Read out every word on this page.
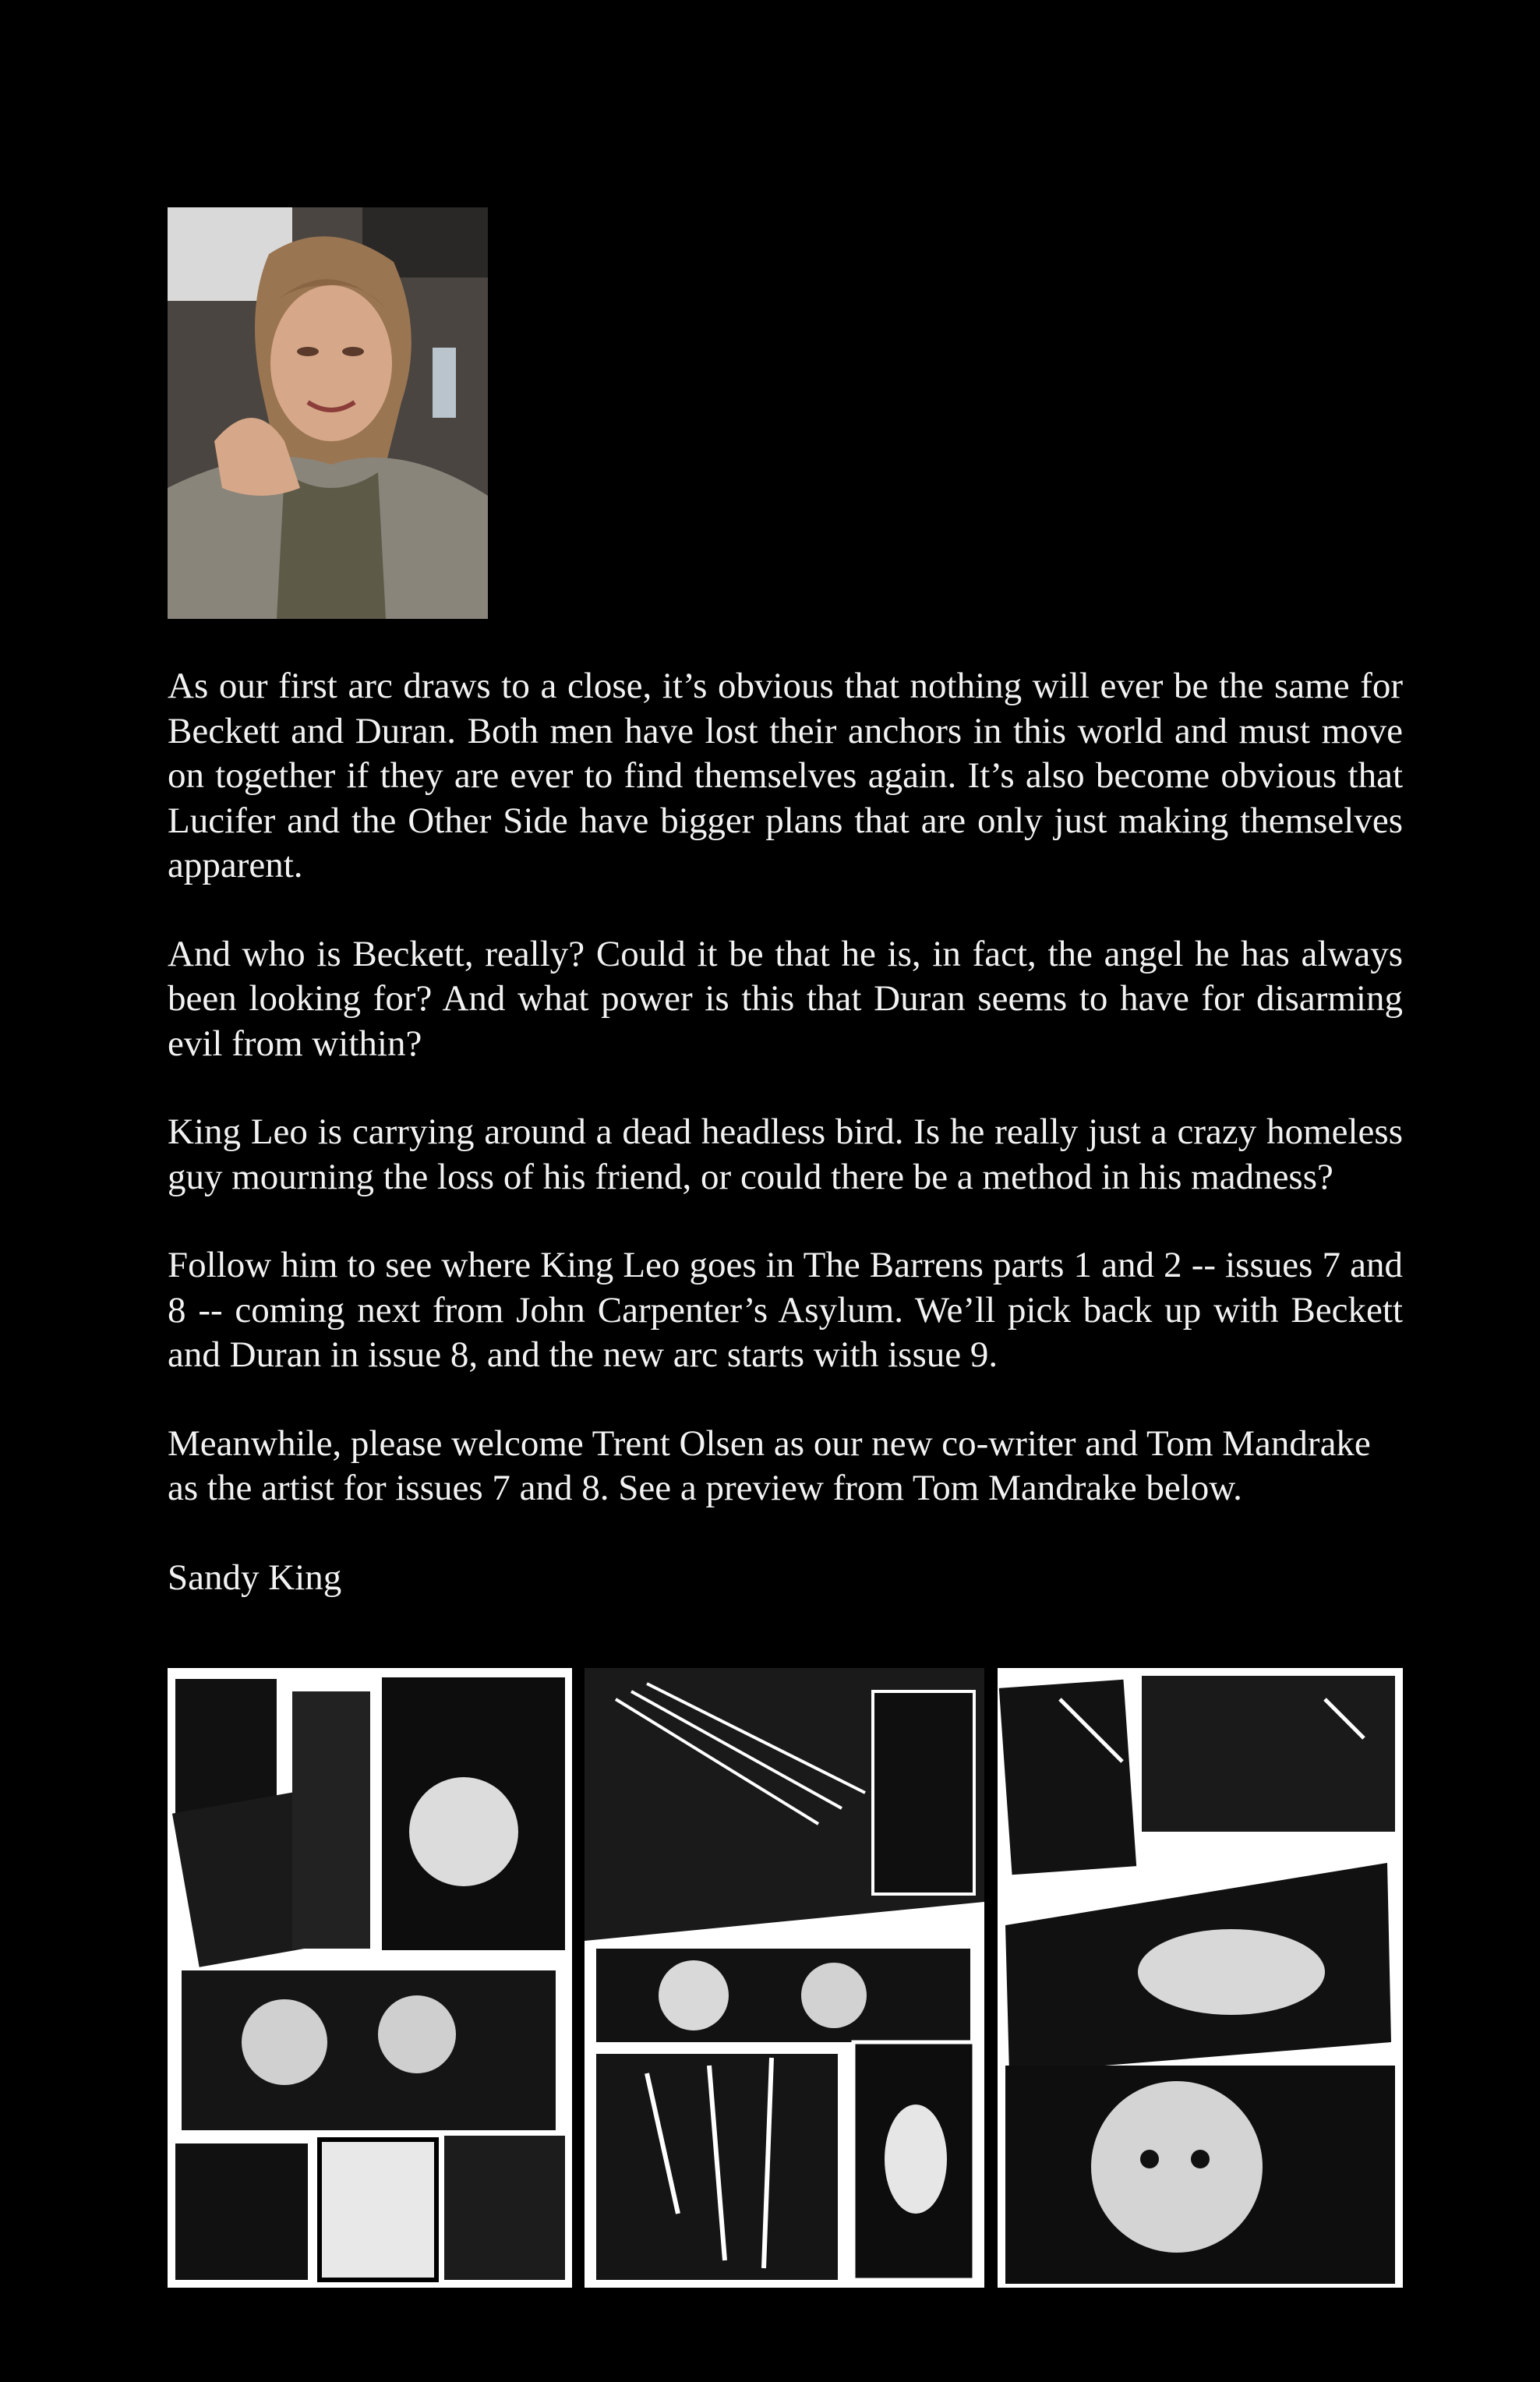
As our first arc draws to a close, it’s obvious that nothing will ever be the same for Beckett and Duran. Both men have lost their anchors in this world and must move on together if they are ever to find themselves again. It’s also become obvious that Lucifer and the Other Side have bigger plans that are only just making themselves apparent.

And who is Beckett, really? Could it be that he is, in fact, the angel he has always been looking for? And what power is this that Duran seems to have for disarming evil from within?

King Leo is carrying around a dead headless bird. Is he really just a crazy homeless guy mourning the loss of his friend, or could there be a method in his madness?

Follow him to see where King Leo goes in The Barrens parts 1 and 2 -- issues 7 and 8 -- coming next from John Carpenter’s Asylum. We’ll pick back up with Beckett and Duran in issue 8, and the new arc starts with issue 9.

Meanwhile, please welcome Trent Olsen as our new co-writer and Tom Mandrake as the artist for issues 7 and 8. See a preview from Tom Mandrake below.

Sandy King
